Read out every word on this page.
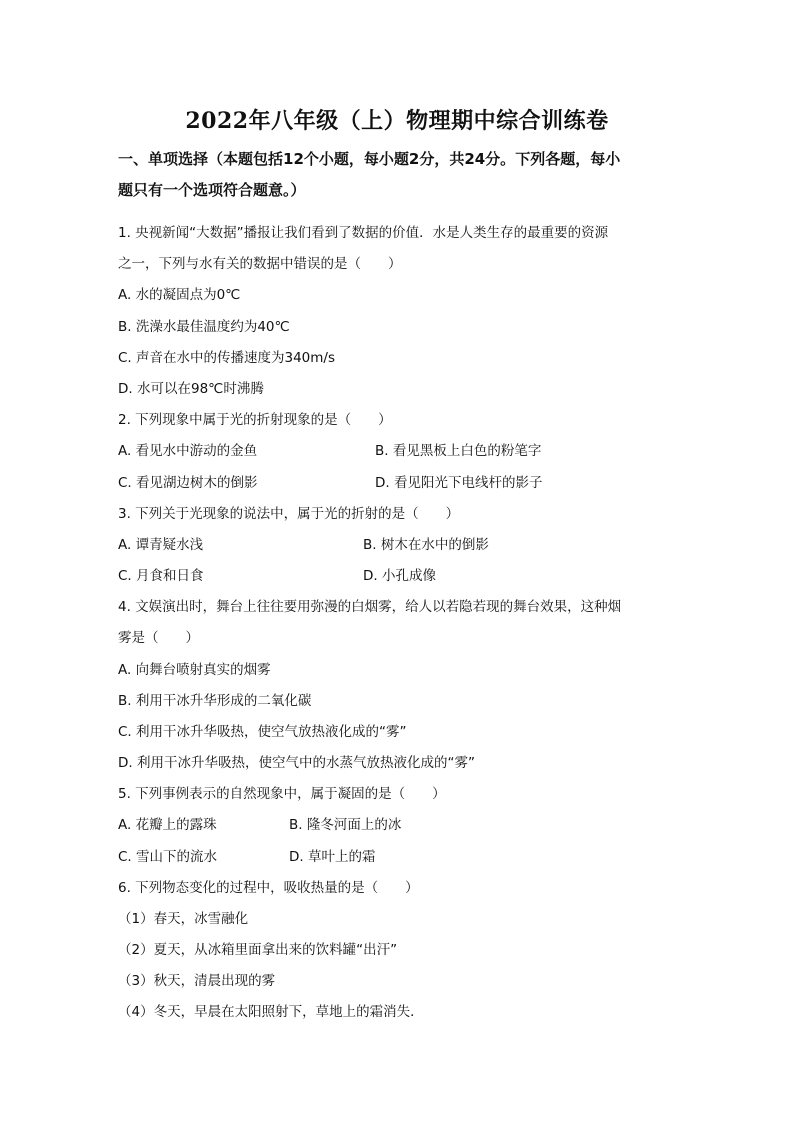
2022年八年级（上）物理期中综合训练卷
一、单项选择（本题包括12个小题，每小题2分，共24分。下列各题，每小
题只有一个选项符合题意。）
1. 央视新闻“大数据”播报让我们看到了数据的价值．水是人类生存的最重要的资源
之一，下列与水有关的数据中错误的是（　　）
A. 水的凝固点为0℃
B. 洗澡水最佳温度约为40℃
C. 声音在水中的传播速度为340m/s
D. 水可以在98℃时沸腾
2. 下列现象中属于光的折射现象的是（　　）
A. 看见水中游动的金鱼	B. 看见黑板上白色的粉笔字
C. 看见湖边树木的倒影	D. 看见阳光下电线杆的影子
3. 下列关于光现象的说法中，属于光的折射的是（　　）
A. 谭青疑水浅	B. 树木在水中的倒影
C. 月食和日食	D. 小孔成像
4. 文娱演出时，舞台上往往要用弥漫的白烟雾，给人以若隐若现的舞台效果，这种烟
雾是（　　）
A. 向舞台喷射真实的烟雾
B. 利用干冰升华形成的二氧化碳
C. 利用干冰升华吸热，使空气放热液化成的“雾”
D. 利用干冰升华吸热，使空气中的水蒸气放热液化成的“雾”
5. 下列事例表示的自然现象中，属于凝固的是（　　）
A. 花瓣上的露珠	B. 隆冬河面上的冰
C. 雪山下的流水	D. 草叶上的霜
6. 下列物态变化的过程中，吸收热量的是（　　）
（1）春天，冰雪融化
（2）夏天，从冰箱里面拿出来的饮料罐“出汗”
（3）秋天，清晨出现的雾
（4）冬天，早晨在太阳照射下，草地上的霜消失．
